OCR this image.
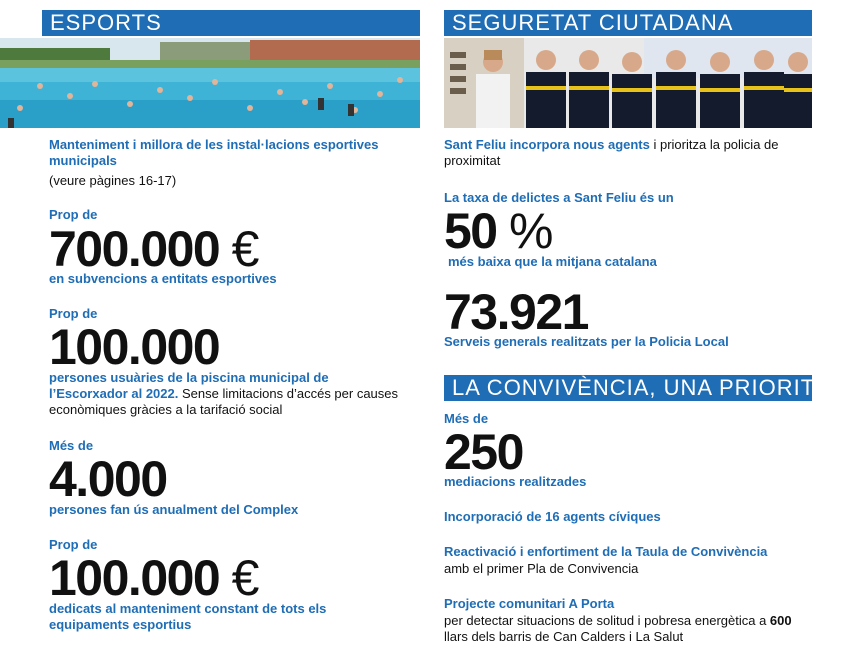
ESPORTS
Manteniment i millora de les instal·lacions esportives municipals
(veure pàgines 16-17)
Prop de
700.000 €
en subvencions a entitats esportives
Prop de
100.000
persones usuàries de la piscina municipal de l’Escorxador al 2022. Sense limitacions d’accés per causes econòmiques gràcies a la tarifació social
Més de
4.000
persones fan ús anualment del Complex
Prop de
100.000 €
dedicats al manteniment constant de tots els equipaments esportius
SEGURETAT CIUTADANA
Sant Feliu incorpora nous agents i prioritza la policia de proximitat
La taxa de delictes a Sant Feliu és un
50 %
més baixa que la mitjana catalana
73.921
Serveis generals realitzats per la Policia Local
LA CONVIVÈNCIA, UNA PRIORITAT
Més de
250
mediacions realitzades
Incorporació de 16 agents cíviques
Reactivació i enfortiment de la Taula de Convivència
amb el primer Pla de Convivencia
Projecte comunitari A Porta
per detectar situacions de solitud i pobresa energètica a 600 llars dels barris de Can Calders i La Salut
